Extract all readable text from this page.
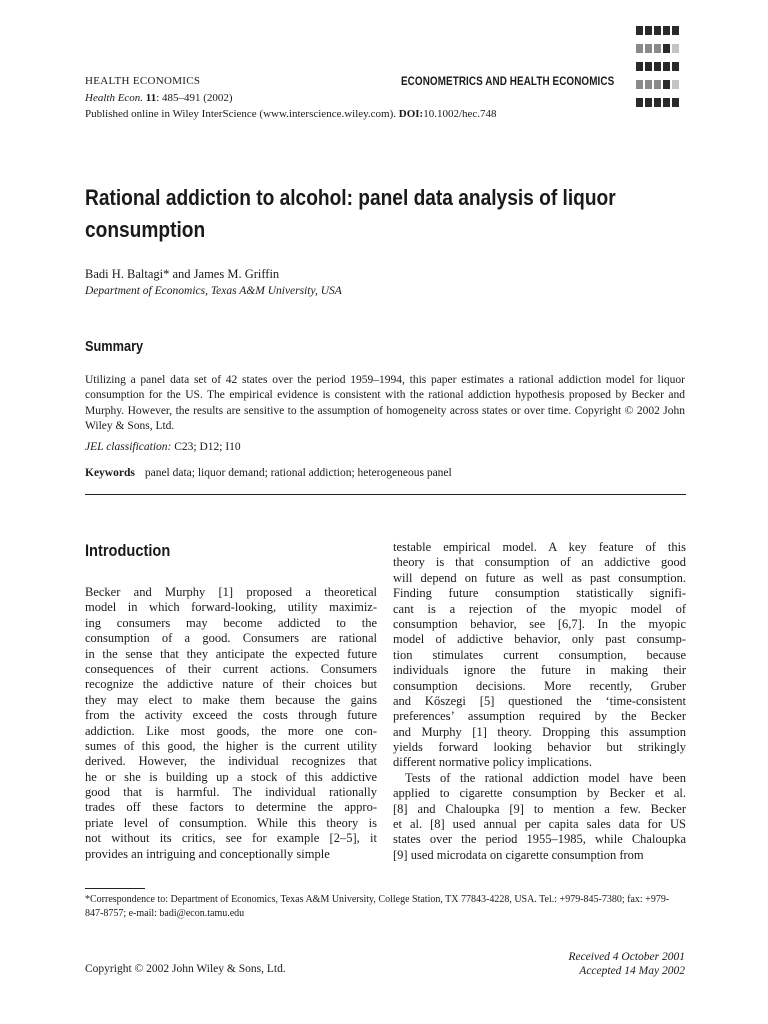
HEALTH ECONOMICS
Health Econ. 11: 485–491 (2002)
Published online in Wiley InterScience (www.interscience.wiley.com). DOI:10.1002/hec.748
ECONOMETRICS AND HEALTH ECONOMICS
Rational addiction to alcohol: panel data analysis of liquor
consumption
Badi H. Baltagi* and James M. Griffin
Department of Economics, Texas A&M University, USA
Summary

Utilizing a panel data set of 42 states over the period 1959–1994, this paper estimates a rational addiction model for liquor consumption for the US. The empirical evidence is consistent with the rational addiction hypothesis proposed by Becker and Murphy. However, the results are sensitive to the assumption of homogeneity across states or over time. Copyright © 2002 John Wiley & Sons, Ltd.

JEL classification: C23; D12; I10
Keywords panel data; liquor demand; rational addiction; heterogeneous panel
Introduction
Becker and Murphy [1] proposed a theoretical
model in which forward-looking, utility maximiz-
ing consumers may become addicted to the
consumption of a good. Consumers are rational
in the sense that they anticipate the expected future
consequences of their current actions. Consumers
recognize the addictive nature of their choices but
they may elect to make them because the gains
from the activity exceed the costs through future
addiction. Like most goods, the more one con-
sumes of this good, the higher is the current utility
derived. However, the individual recognizes that
he or she is building up a stock of this addictive
good that is harmful. The individual rationally
trades off these factors to determine the appro-
priate level of consumption. While this theory is
not without its critics, see for example [2–5], it
provides an intriguing and conceptionally simple
testable empirical model. A key feature of this
theory is that consumption of an addictive good
will depend on future as well as past consumption.
Finding future consumption statistically signifi-
cant is a rejection of the myopic model of
consumption behavior, see [6,7]. In the myopic
model of addictive behavior, only past consump-
tion stimulates current consumption, because
individuals ignore the future in making their
consumption decisions. More recently, Gruber
and Kőszegi [5] questioned the ‘time-consistent
preferences’ assumption required by the Becker
and Murphy [1] theory. Dropping this assumption
yields forward looking behavior but strikingly
different normative policy implications.
Tests of the rational addiction model have been
applied to cigarette consumption by Becker et al.
[8] and Chaloupka [9] to mention a few. Becker
et al. [8] used annual per capita sales data for US
states over the period 1955–1985, while Chaloupka
[9] used microdata on cigarette consumption from

*Correspondence to: Department of Economics, Texas A&M University, College Station, TX 77843-4228, USA. Tel.: +979-845-7380; fax: +979-847-8757; e-mail: badi@econ.tamu.edu

Copyright © 2002 John Wiley & Sons, Ltd.
Received 4 October 2001
Accepted 14 May 2002
